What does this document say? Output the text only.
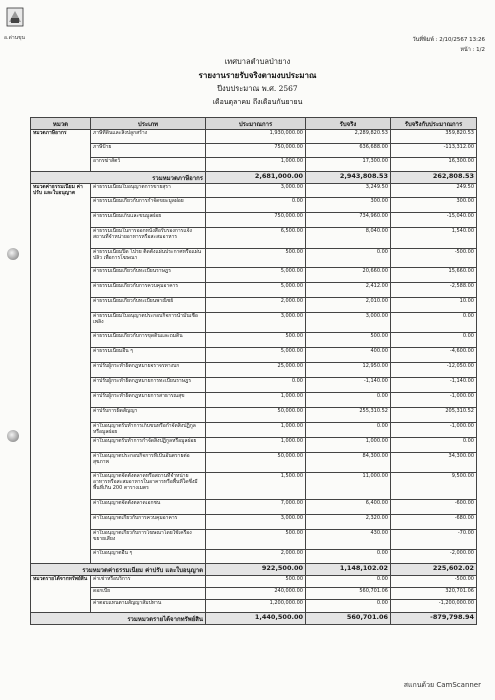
อ.ด่านขุน	วันที่พิมพ์ : 2/10/2567 13:26
หน้า : 1/2
เทศบาลตำบลป่ายาง
รายงานรายรับจริงตามงบประมาณ
ปีงบประมาณ พ.ศ. 2567
เดือนตุลาคม ถึงเดือนกันยายน
หมวด	ประเภท	ประมาณการ	รับจริง	รับจริงกับประมาณการ
หมวดภาษีอากร	ภาษีที่ดินและสิ่งปลูกสร้าง	1,930,000.00	2,289,820.53	359,820.53
	ภาษีป้าย	750,000.00	636,688.00	-113,312.00
	อากรฆ่าสัตว์	1,000.00	17,300.00	16,300.00
รวมหมวดภาษีอากร		2,681,000.00	2,943,808.53	262,808.53
หมวดค่าธรรมเนียม ค่าปรับ และใบอนุญาต	ค่าธรรมเนียมใบอนุญาตการขายสุรา	3,000.00	3,249.50	249.50
	ค่าธรรมเนียมเกี่ยวกับการกำจัดขยะมูลฝอย	0.00	300.00	300.00
	ค่าธรรมเนียมเก็บและขนมูลฝอย	750,000.00	734,960.00	-15,040.00
	ค่าธรรมเนียมในการออกหนังสือรับรองการแจ้งสถานที่จำหน่ายอาหารหรือสะสมอาหาร	6,500.00	8,040.00	1,540.00
	ค่าธรรมเนียมปิด โปรย ติดตั้งแผ่นประกาศหรือแผ่นปลิว เพื่อการโฆษณา	500.00	0.00	-500.00
	ค่าธรรมเนียมเกี่ยวกับทะเบียนราษฎร	5,000.00	20,660.00	15,660.00
	ค่าธรรมเนียมเกี่ยวกับการควบคุมอาคาร	5,000.00	2,412.00	-2,588.00
	ค่าธรรมเนียมเกี่ยวกับทะเบียนพาณิชย์	2,000.00	2,010.00	10.00
	ค่าธรรมเนียมใบอนุญาตประกอบกิจการน้ำมันเชื้อเพลิง	3,000.00	3,000.00	0.00
	ค่าธรรมเนียมเกี่ยวกับการขุดดินและถมดิน	500.00	500.00	0.00
	ค่าธรรมเนียมอื่น ๆ	5,000.00	400.00	-4,600.00
	ค่าปรับผู้กระทำผิดกฎหมายจราจรทางบก	25,000.00	12,950.00	-12,050.00
	ค่าปรับผู้กระทำผิดกฎหมายการทะเบียนราษฎร	0.00	-1,140.00	-1,140.00
	ค่าปรับผู้กระทำผิดกฎหมายการสาธารณสุข	1,000.00	0.00	-1,000.00
	ค่าปรับการผิดสัญญา	50,000.00	255,310.52	205,310.52
	ค่าใบอนุญาตรับทำการเก็บขนหรือกำจัดสิ่งปฏิกูลหรือมูลฝอย	1,000.00	0.00	-1,000.00
	ค่าใบอนุญาตรับทำการกำจัดสิ่งปฏิกูลหรือมูลฝอย	1,000.00	1,000.00	0.00
	ค่าใบอนุญาตประกอบกิจการที่เป็นอันตรายต่อสุขภาพ	50,000.00	84,300.00	34,300.00
	ค่าใบอนุญาตจัดตั้งตลาดหรือสถานที่จำหน่ายอาหารหรือสะสมอาหารในอาคารหรือพื้นที่ใดซึ่งมีพื้นที่เกิน 200 ตารางเมตร	1,500.00	11,000.00	9,500.00
	ค่าใบอนุญาตจัดตั้งตลาดเอกชน	7,000.00	6,400.00	-600.00
	ค่าใบอนุญาตเกี่ยวกับการควบคุมอาคาร	3,000.00	2,320.00	-680.00
	ค่าใบอนุญาตเกี่ยวกับการโฆษณาโดยใช้เครื่องขยายเสียง	500.00	430.00	-70.00
	ค่าใบอนุญาตอื่น ๆ	2,000.00	0.00	-2,000.00
รวมหมวดค่าธรรมเนียม ค่าปรับ และใบอนุญาต		922,500.00	1,148,102.02	225,602.02
หมวดรายได้จากทรัพย์สิน	ค่าเช่าหรือบริการ	500.00	0.00	-500.00
	ดอกเบี้ย	240,000.00	560,701.06	320,701.06
	ค่าตอบแทนตามสัญญาสัมปทาน	1,200,000.00	0.00	-1,200,000.00
รวมหมวดรายได้จากทรัพย์สิน		1,440,500.00	560,701.06	-879,798.94
สแกนด้วย CamScanner
